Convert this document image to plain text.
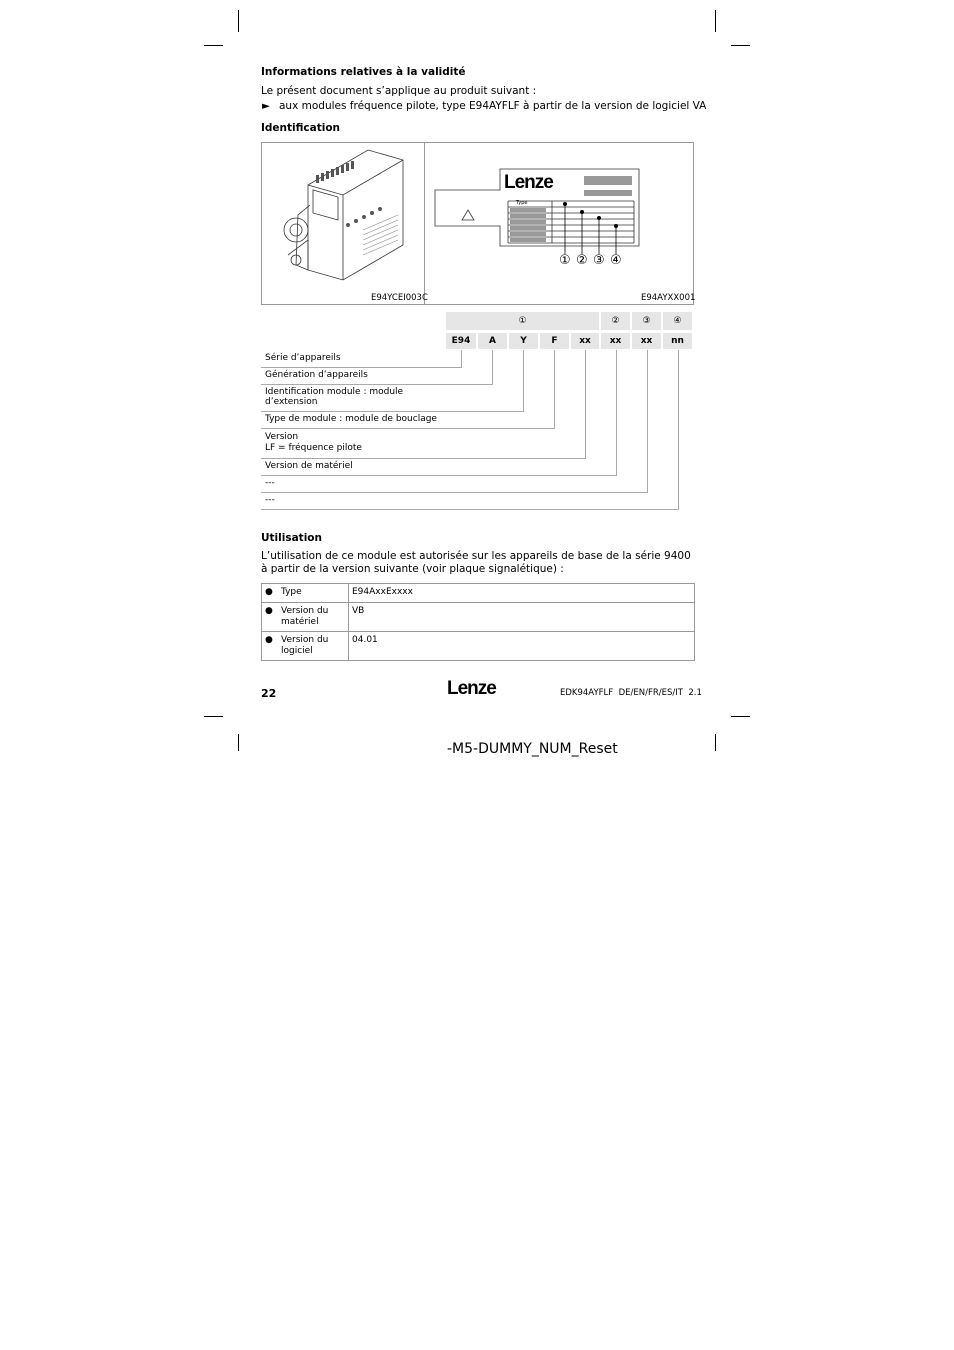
Informations relatives à la validité
Le présent document s’applique au produit suivant :
► aux modules fréquence pilote, type E94AYFLF à partir de la version de logiciel VA
Identification
E94YCEI003C
Lenze
Type
① ② ③ ④
E94AYXX001
①	②	③	④
E94	A	Y	F	xx	xx	xx	nn
Série d’appareils
Génération d’appareils
Identification module : module
d’extension
Type de module : module de bouclage
Version
LF = fréquence pilote
Version de matériel
---
---
Utilisation
L’utilisation de ce module est autorisée sur les appareils de base de la série 9400 à partir de la version suivante (voir plaque signalétique) :
● Type	E94AxxExxxx
● Version du
matériel	VB
● Version du
logiciel	04.01
22	Lenze	EDK94AYFLF  DE/EN/FR/ES/IT  2.1
-M5-DUMMY_NUM_Reset
